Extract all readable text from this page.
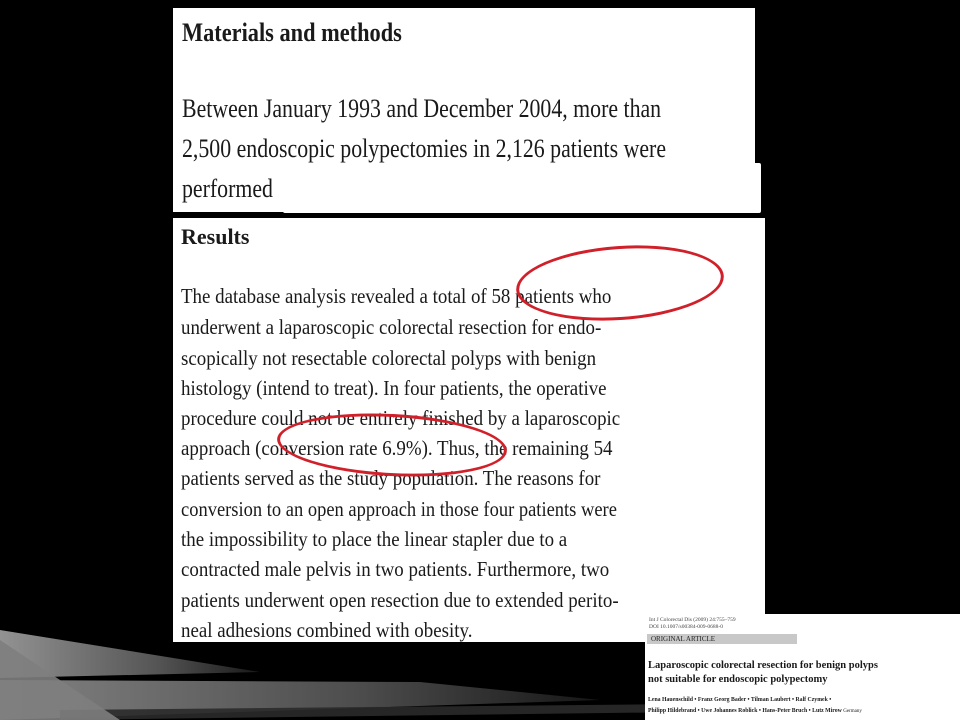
Materials and methods
Between January 1993 and December 2004, more than
2,500 endoscopic polypectomies in 2,126 patients were
performed
Results
The database analysis revealed a total of 58 patients who
underwent a laparoscopic colorectal resection for endo-
scopically not resectable colorectal polyps with benign
histology (intend to treat). In four patients, the operative
procedure could not be entirely finished by a laparoscopic
approach (conversion rate 6.9%). Thus, the remaining 54
patients served as the study population. The reasons for
conversion to an open approach in those four patients were
the impossibility to place the linear stapler due to a
contracted male pelvis in two patients. Furthermore, two
patients underwent open resection due to extended perito-
neal adhesions combined with obesity.	Int J Colorectal Dis (2009) 24:755–759
DOI 10.1007/s00384-009-0688-0
ORIGINAL ARTICLE
Laparoscopic colorectal resection for benign polyps
not suitable for endoscopic polypectomy
Lena Hauenschild • Franz Georg Bader • Tilman Laubert • Ralf Czymek •
Philipp Hildebrand • Uwe Johannes Roblick • Hans-Peter Bruch • Lutz Mirow Germany
